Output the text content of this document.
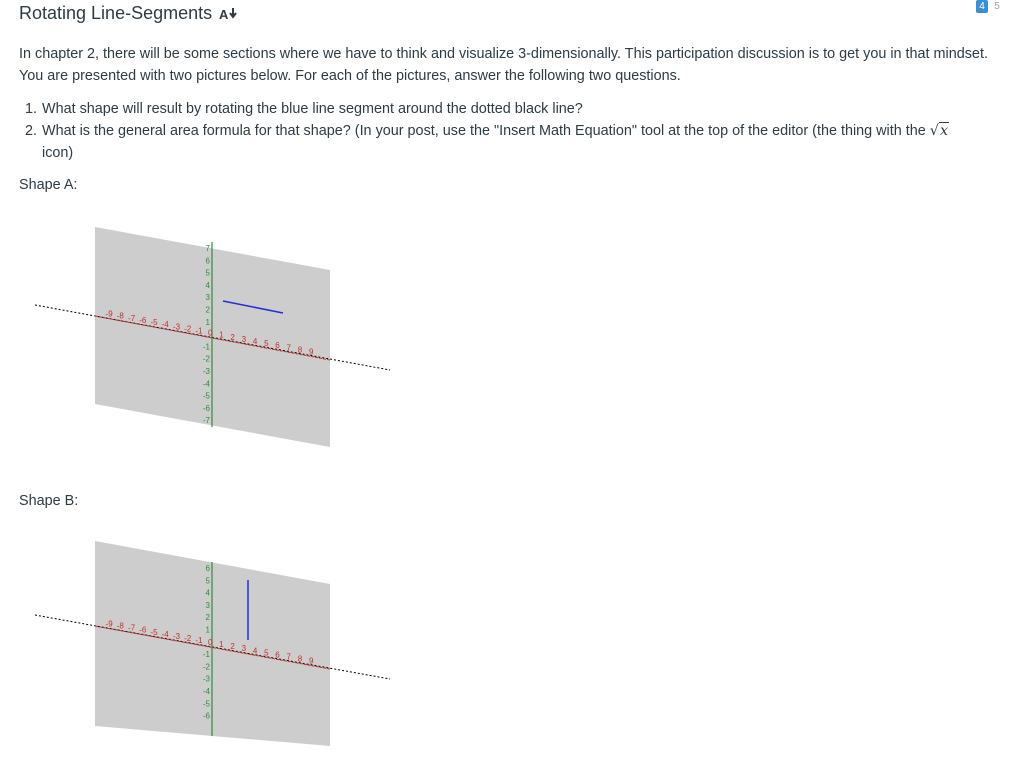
Rotating Line-Segments A	4 5

In chapter 2, there will be some sections where we have to think and visualize 3-dimensionally. This participation discussion is to get you in that mindset. You are presented with two pictures below. For each of the pictures, answer the following two questions.

1. What shape will result by rotating the blue line segment around the dotted black line?
2. What is the general area formula for that shape? (In your post, use the "Insert Math Equation" tool at the top of the editor (the thing with the √x
icon)
Shape A:
-9 -8 -7 -6 -5 -4 -3 -2 -1 0 1 2 3 4 5 6 7 8 9
7
6
5
4
3
2
1
-1
-2
-3
-4
-5
-6
-7
Shape B:
-9 -8 -7 -6 -5 -4 -3 -2 -1 0 1 2 3 4 5 6 7 8 9
6
5
4
3
2
1
-1
-2
-3
-4
-5
-6
